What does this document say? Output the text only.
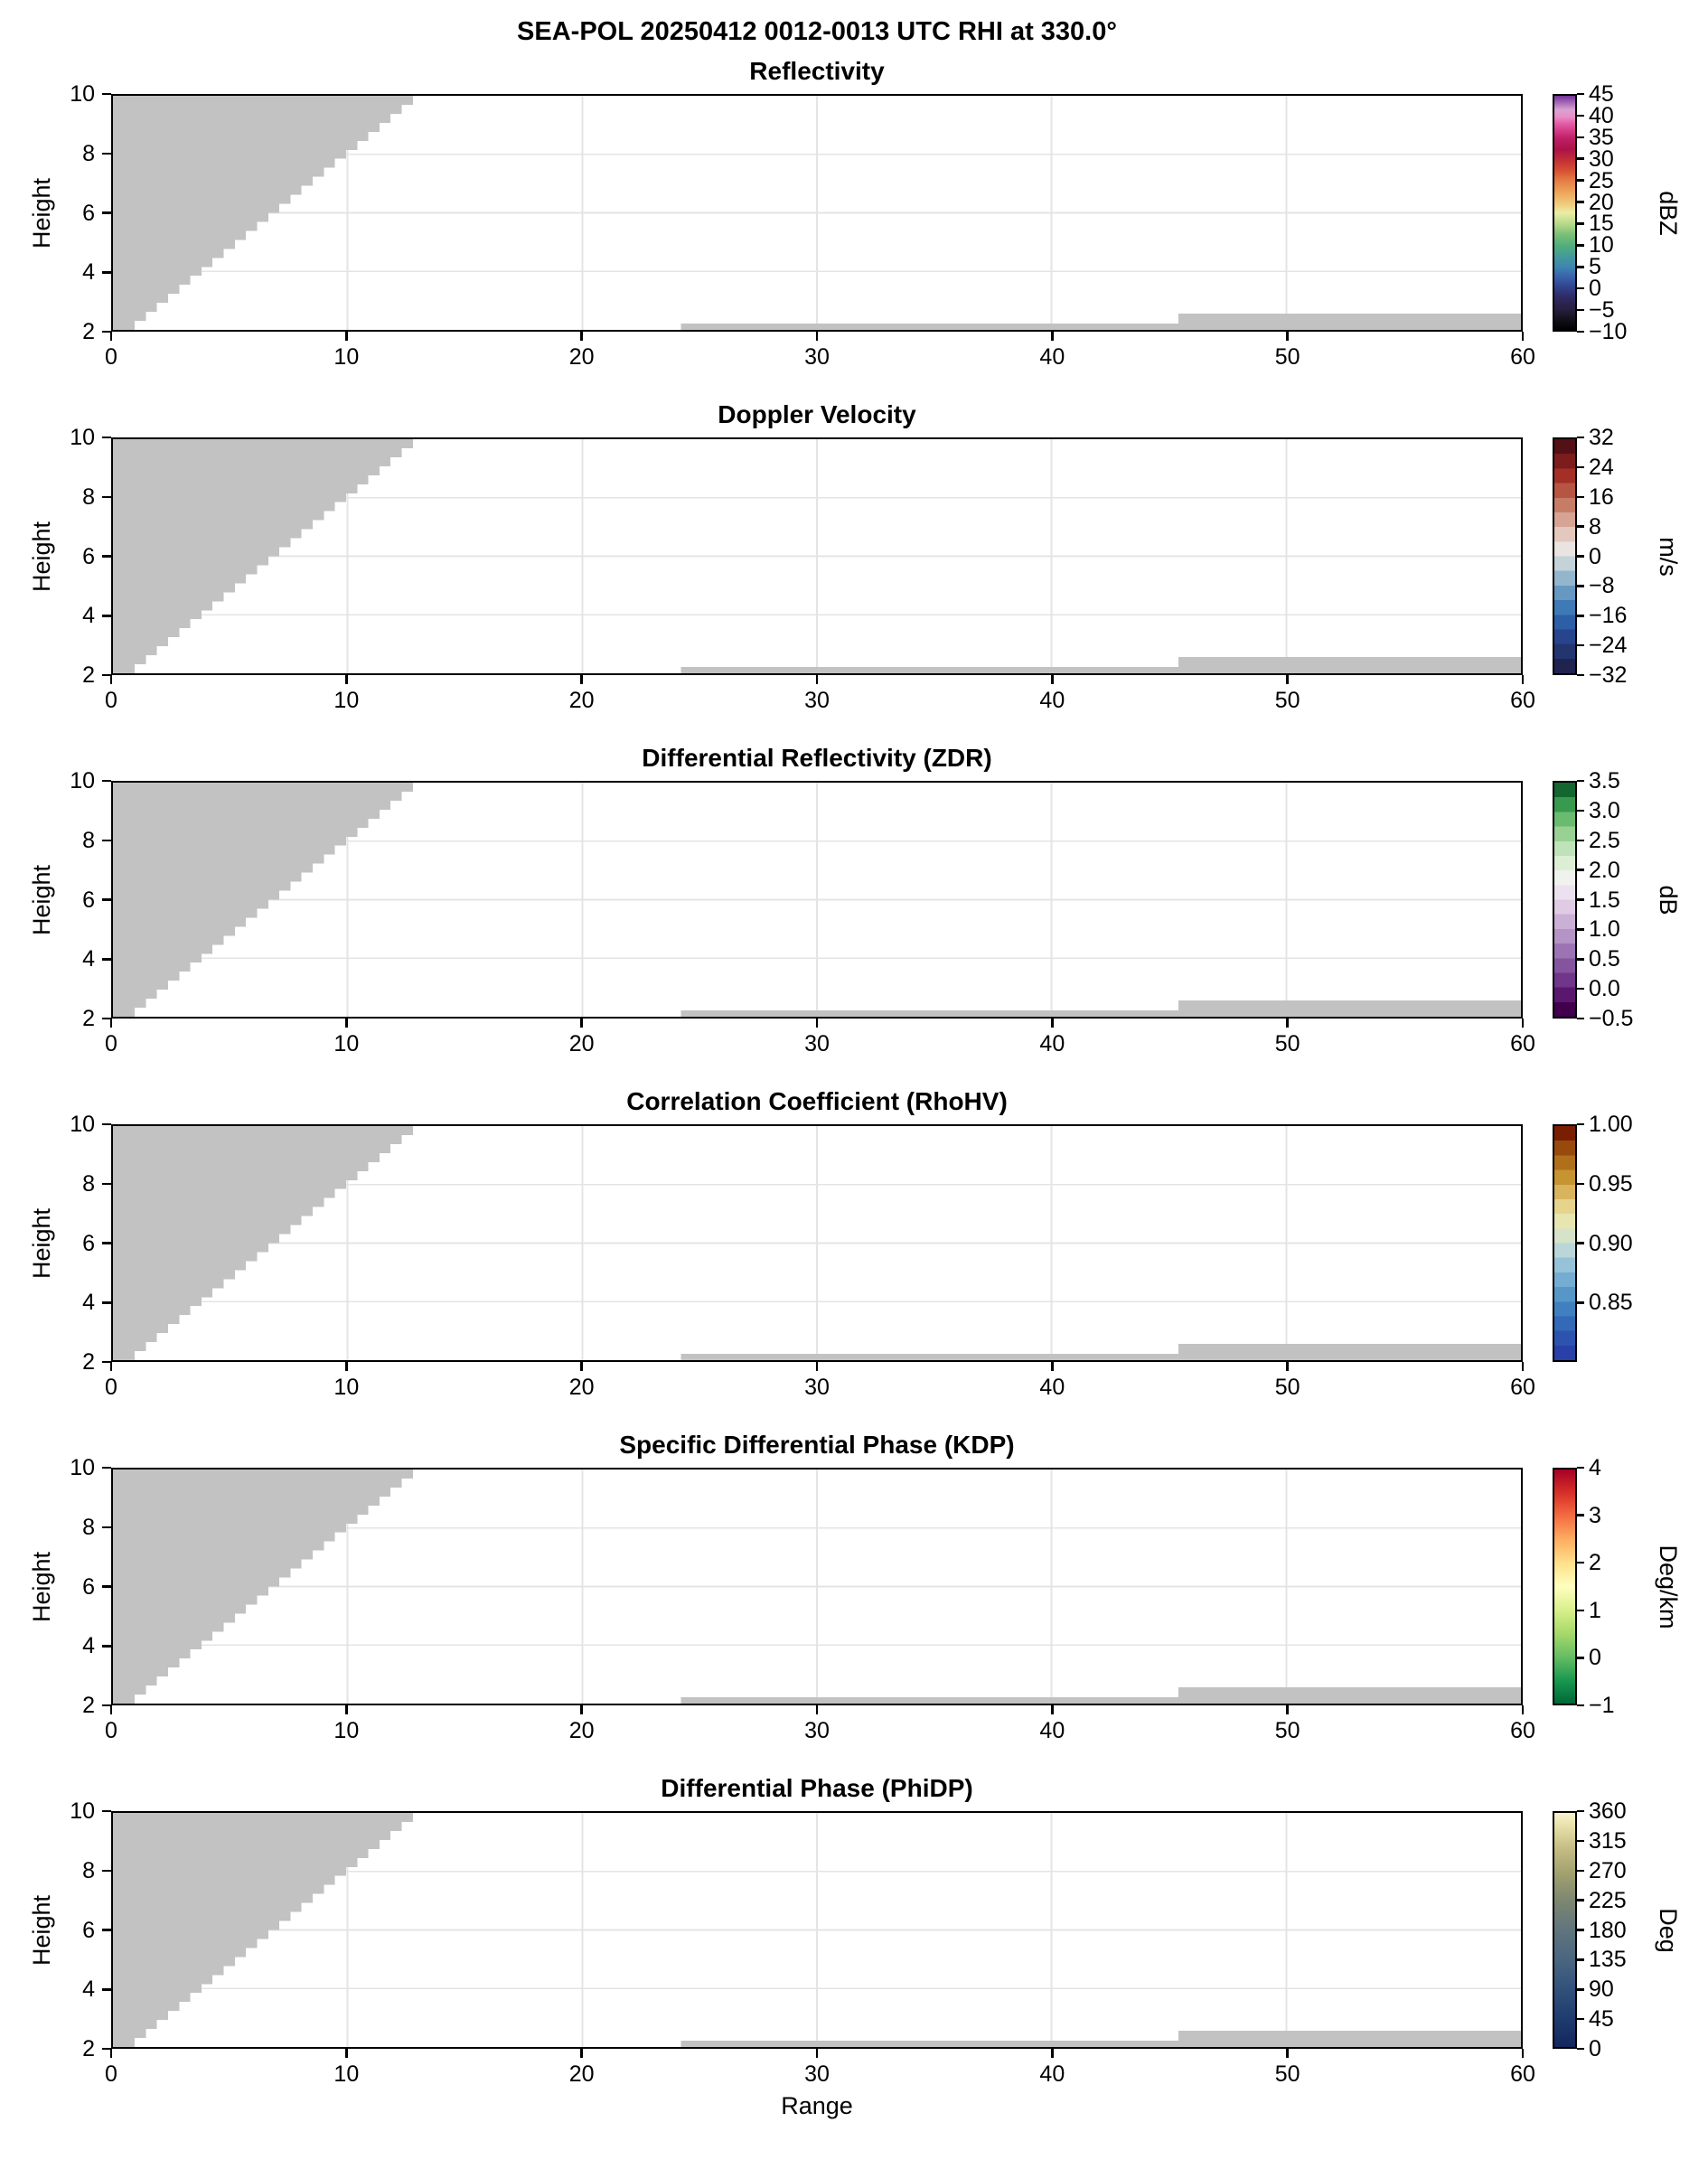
SEA-POL 20250412 0012-0013 UTC RHI at 330.0°
Reflectivity
Height
2
4
6
8
10
0	10	20	30	40	50	60
45
40
35
30
25
20
15
10
5
0
−5
−10
dBZ
Doppler Velocity
Height
2
4
6
8
10
0	10	20	30	40	50	60
32
24
16
8
0
−8
−16
−24
−32
m/s
Differential Reflectivity (ZDR)
Height
2
4
6
8
10
0	10	20	30	40	50	60
3.5
3.0
2.5
2.0
1.5
1.0
0.5
0.0
−0.5
dB
Correlation Coefficient (RhoHV)
Height
2
4
6
8
10
0	10	20	30	40	50	60
1.00
0.95
0.90
0.85
Specific Differential Phase (KDP)
Height
2
4
6
8
10
0	10	20	30	40	50	60
4
3
2
1
0
−1
Deg/km
Differential Phase (PhiDP)
Height
2
4
6
8
10
0	10	20	30	40	50	60
360
315
270
225
180
135
90
45
0
Deg
Range
